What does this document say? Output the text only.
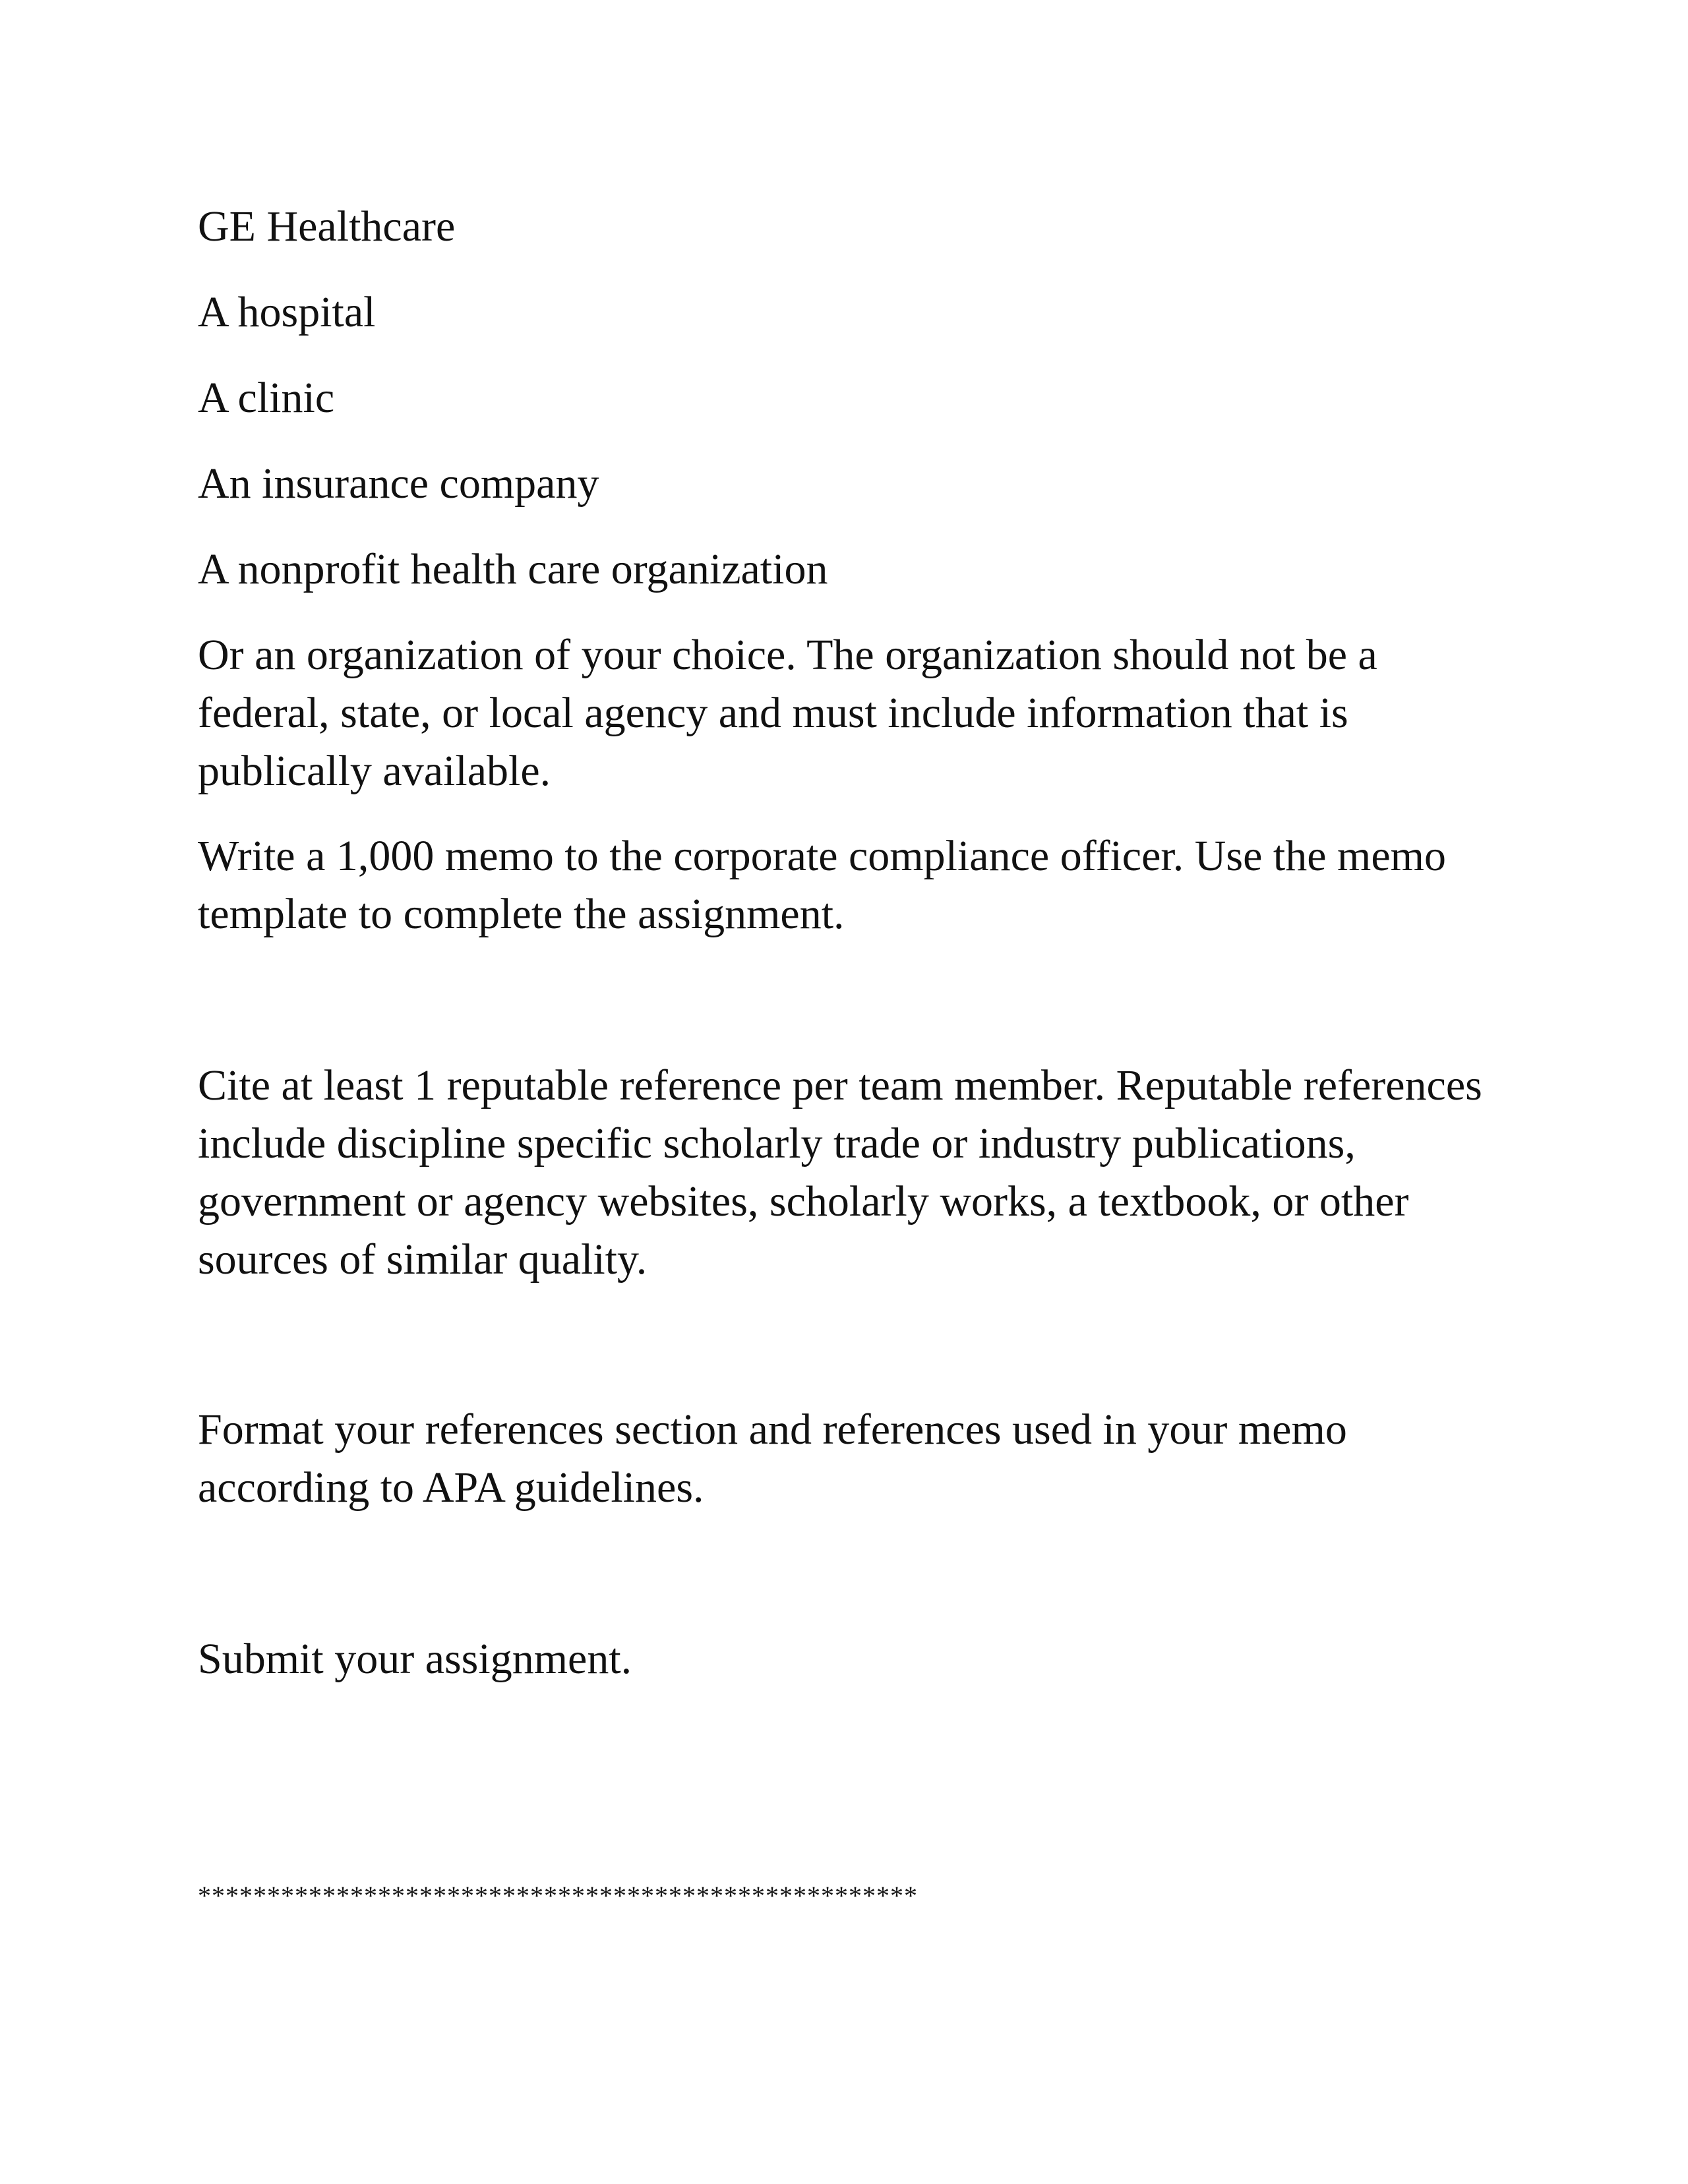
GE Healthcare

A hospital

A clinic

An insurance company

A nonprofit health care organization

Or an organization of your choice. The organization should not be a federal, state, or local agency and must include information that is publically available.

Write a 1,000 memo to the corporate compliance officer. Use the memo template to complete the assignment.

Cite at least 1 reputable reference per team member. Reputable references include discipline specific scholarly trade or industry publications, government or agency websites, scholarly works, a textbook, or other sources of similar quality.

Format your references section and references used in your memo according to APA guidelines.

Submit your assignment.

****************************************************
